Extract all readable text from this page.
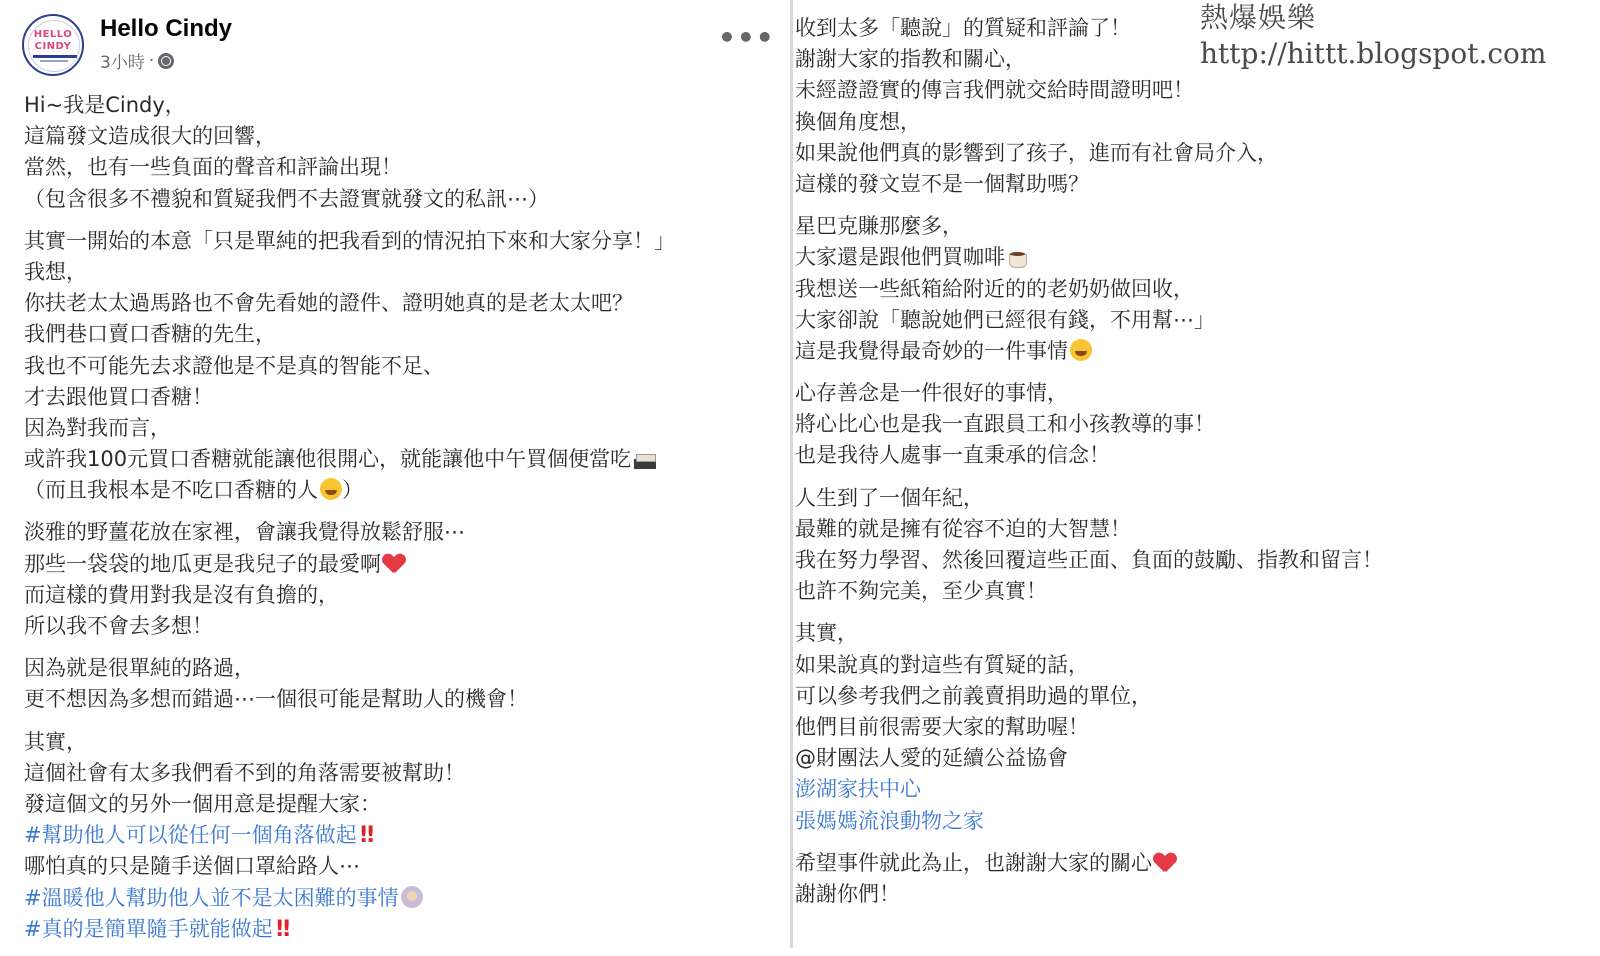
HELLO
CINDY
Hello Cindy
3小時 ·
•••
Hi~我是Cindy，
這篇發文造成很大的回響，
當然，也有一些負面的聲音和評論出現！
（包含很多不禮貌和質疑我們不去證實就發文的私訊⋯）
其實一開始的本意「只是單純的把我看到的情況拍下來和大家分享！」
我想，
你扶老太太過馬路也不會先看她的證件、證明她真的是老太太吧？
我們巷口賣口香糖的先生，
我也不可能先去求證他是不是真的智能不足、
才去跟他買口香糖！
因為對我而言，
或許我100元買口香糖就能讓他很開心，就能讓他中午買個便當吃
（而且我根本是不吃口香糖的人 ）
淡雅的野薑花放在家裡，會讓我覺得放鬆舒服⋯
那些一袋袋的地瓜更是我兒子的最愛啊
而這樣的費用對我是沒有負擔的，
所以我不會去多想！
因為就是很單純的路過，
更不想因為多想而錯過⋯一個很可能是幫助人的機會！
其實，
這個社會有太多我們看不到的角落需要被幫助！
發這個文的另外一個用意是提醒大家：
#幫助他人可以從任何一個角落做起!!
哪怕真的只是隨手送個口罩給路人⋯
#溫暖他人幫助他人並不是太困難的事情
#真的是簡單隨手就能做起!!
收到太多「聽說」的質疑和評論了！
謝謝大家的指教和關心，
未經證證實的傳言我們就交給時間證明吧！
換個角度想，
如果說他們真的影響到了孩子，進而有社會局介入，
這樣的發文豈不是一個幫助嗎？
星巴克賺那麼多，
大家還是跟他們買咖啡
我想送一些紙箱給附近的的老奶奶做回收，
大家卻說「聽說她們已經很有錢，不用幫⋯」
這是我覺得最奇妙的一件事情
心存善念是一件很好的事情，
將心比心也是我一直跟員工和小孩教導的事！
也是我待人處事一直秉承的信念！
人生到了一個年紀，
最難的就是擁有從容不迫的大智慧！
我在努力學習、然後回覆這些正面、負面的鼓勵、指教和留言！
也許不夠完美，至少真實！
其實，
如果說真的對這些有質疑的話，
可以參考我們之前義賣捐助過的單位，
他們目前很需要大家的幫助喔！
@財團法人愛的延續公益協會
澎湖家扶中心
張媽媽流浪動物之家
希望事件就此為止，也謝謝大家的關心
謝謝你們！
熱爆娛樂
http://hittt.blogspot.com
